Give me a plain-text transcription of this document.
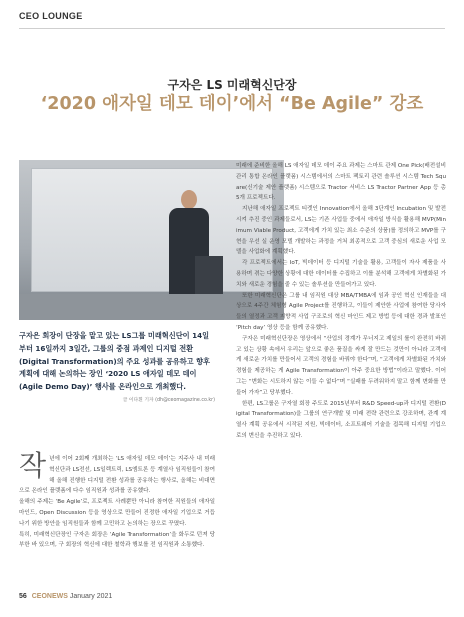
CEO LOUNGE

구자은 LS 미래혁신단장

‘2020 애자일 데모 데이’에서 “Be Agile” 강조

구자은 회장이 단장을 맡고 있는 LS그룹 미래혁신단이 14일부터 16일까지 3일간, 그룹의 중점 과제인 디지털 전환(Digital Transformation)의 주요 성과를 공유하고 향후 계획에 대해 논의하는 장인 ‘2020 LS 애자일 데모 데이(Agile Demo Day)’ 행사를 온라인으로 개최했다.

글 이다흰 기자 (dh@ceomagazine.co.kr)

작년에 이어 2회째 개최하는 ‘LS 애자일 데모 데이’는 지주사 내 미래혁신단과 LS전선, LS일렉트릭, LS엠트론 등 계열사 임직원들이 참여해 올해 진행한 디지털 전환 성과를 공유하는 행사로, 올해는 비대면으로 온라인 플랫폼에 다수 임직원과 성과를 공유했다.

올해의 주제는 ‘Be Agile’로, 프로젝트 사례뿐만 아니라 참여한 직원들의 애자일 마인드, Open Discussion 등을 영상으로 만들어 진정한 애자일 기업으로 거듭나기 위한 방안을 임직원들과 함께 고민하고 논의하는 장으로 꾸몄다.

특히, 미래혁신단장인 구자은 회장은 ‘Agile Transformation’을 화두로 던져 당부한 바 있으며, 구 회장의 혁신에 대한 철학과 행보를 전 임직원과 소통했다.

미래에 준비한 올해 LS 애자일 데모 데이 주요 과제는 스마트 관제 One Pick(배전설비 관리 통합 온라인 플랫폼) 시스템에서의 스마트 팩토리 관련 솔루션 시스템 Tech Square(신기술 제안 플랫폼) 시스템으로 Tractor 서비스 LS Tractor Partner App 등 총 5개 프로젝트다.

지난해 애자일 프로젝트 티켓인 Innovation에서 올해 3단계인 Incubation 및 발전시켜 추진 중인 과제들로서, LS는 기존 사업들 중에서 애자일 방식을 활용해 MVP(Minimum Viable Product, 고객에게 가치 있는 최소 수준의 상품)를 정의하고 MVP를 구현을 우선 실 운영 모델 개발하는 과정을 거쳐 최종적으로 고객 중심의 새로운 사업 모델을 사업화에 계획했다.

각 프로젝트에서는 IoT, 빅데이터 등 디지털 기술을 활용, 고객들이 자사 제품을 사용하며 겪는 다양한 상황에 대한 데이터를 수집하고 이를 분석해 고객에게 차별화된 가치와 새로운 경험을 줄 수 있는 솔루션을 만들어가고 있다.

또한 미래혁신단은 그룹 내 임직원 대상 MBA/TMBA에 임과 공인 혁신 인재들을 대상으로 4주간 체험형 Agile Project를 진행하고, 이들이 제안한 사업에 참여한 당사자들의 열정과 고객 지향적 사업 구조로의 혁신 마인드 제고 방법 등에 대한 경과 발표인 ‘Pitch day’ 영상 등을 함께 공유했다.

구자은 미래혁신단장은 영상에서 “산업의 경계가 무너지고 제일의 룰이 완전히 바뀌고 있는 상황 속에서 우리는 앞으로 좋은 품질을 싸게 잘 만드는 것만이 아니라 고객에게 새로운 가치를 만들어서 고객의 경험을 바꿔야 한다”며, “고객에게 차별화된 가치와 경험을 제공하는 게 Agile Transformation이 아주 중요한 방법”이라고 말했다. 이어 그는 “변화는 시도하지 않는 이들 수 없다”며 “실패를 두려워하지 말고 함께 변화를 만들어 가자”고 당부했다.

한편, LS그룹은 구자열 회장 주도로 2015년부터 R&D Speed-up과 디지털 전환(Digital Transformation)을 그룹의 연구개발 및 미래 전략 관련으로 강조하며, 관계 계열사 계획 공유에서 시작된 지원, 빅데이터, 소프트웨어 기술을 접목해 디지털 기업으로의 변신을 추진하고 있다.

56 CEONEWS January 2021
